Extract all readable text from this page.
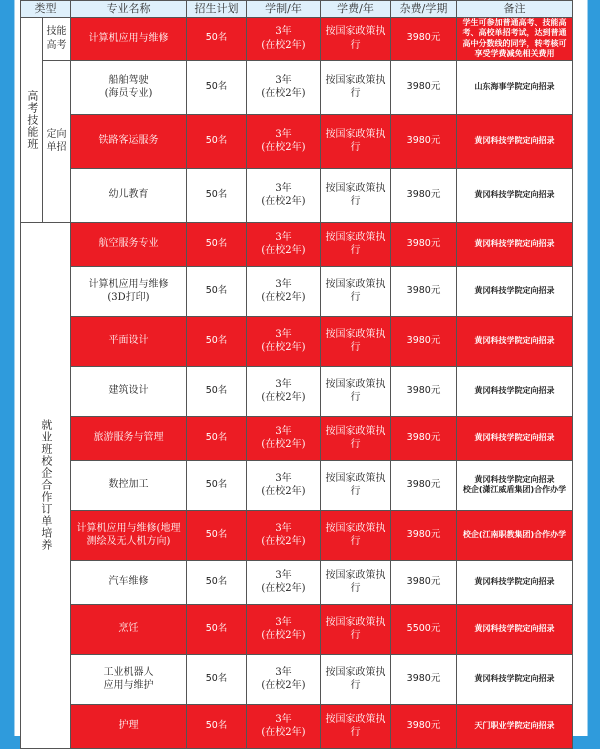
类型		专业名称	招生计划	学制/年	学费/年	杂费/学期	备注
高考技能班	技能高考	计算机应用与维修	50名	3年
(在校2年)	按国家政策执行	3980元	学生可参加普通高考、技能高考、高校单招考试，达到普通高中分数线的同学，转考核可享受学费减免相关费用
	定向单招	船舶驾驶
(海员专业)	50名	3年
(在校2年)	按国家政策执行	3980元	山东海事学院定向招录
		铁路客运服务	50名	3年
(在校2年)	按国家政策执行	3980元	黄冈科技学院定向招录
		幼儿教育	50名	3年
(在校2年)	按国家政策执行	3980元	黄冈科技学院定向招录
就业班校企合作订单培养		航空服务专业	50名	3年
(在校2年)	按国家政策执行	3980元	黄冈科技学院定向招录
		计算机应用与维修
(3D打印)	50名	3年
(在校2年)	按国家政策执行	3980元	黄冈科技学院定向招录
		平面设计	50名	3年
(在校2年)	按国家政策执行	3980元	黄冈科技学院定向招录
		建筑设计	50名	3年
(在校2年)	按国家政策执行	3980元	黄冈科技学院定向招录
		旅游服务与管理	50名	3年
(在校2年)	按国家政策执行	3980元	黄冈科技学院定向招录
		数控加工	50名	3年
(在校2年)	按国家政策执行	3980元	黄冈科技学院定向招录
校企(潇江威盾集团)合作办学
		计算机应用与维修(地理测绘及无人机方向)	50名	3年
(在校2年)	按国家政策执行	3980元	校企(江南职教集团)合作办学
		汽车维修	50名	3年
(在校2年)	按国家政策执行	3980元	黄冈科技学院定向招录
		烹饪	50名	3年
(在校2年)	按国家政策执行	5500元	黄冈科技学院定向招录
		工业机器人
应用与维护	50名	3年
(在校2年)	按国家政策执行	3980元	黄冈科技学院定向招录
		护理	50名	3年
(在校2年)	按国家政策执行	3980元	天门职业学院定向招录
